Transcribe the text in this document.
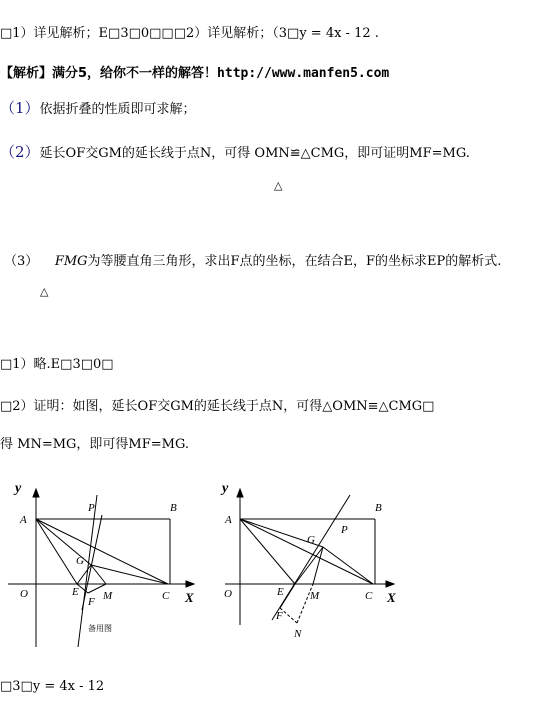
□1）详见解析；E□3□0□□□2）详见解析；（3□y = 4x - 12 .
【解析】满分5，给你不一样的解答！http://www.manfen5.com
（1）依据折叠的性质即可求解；
（2）延长OF交GM的延长线于点N，可得 OMN≌△CMG，即可证明MF=MG.
△
（3） FMG为等腰直角三角形，求出F点的坐标，在结合E，F的坐标求EP的解析式.
△
□1）略.E□3□0□
□2）证明：如图，延长OF交GM的延长线于点N，可得△OMN≡△CMG□
得 MN=MG，即可得MF=MG.
y
X
A
P	B
G
O	E
F M	C
备用图
y
X
A
B
G
P
O	E
F
M	C
N
□3□y = 4x - 12
